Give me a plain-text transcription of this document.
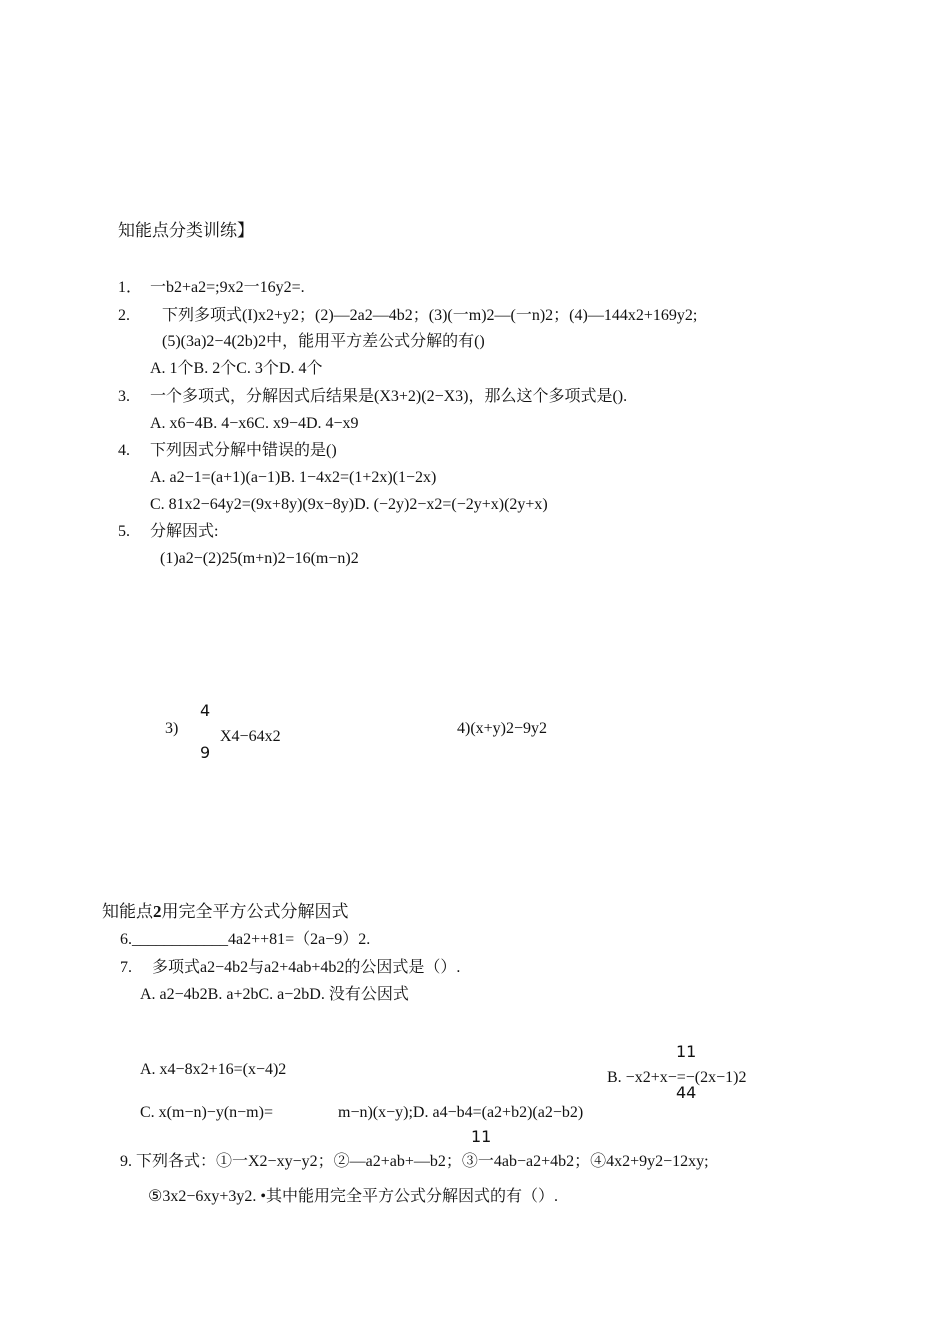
知能点分类训练】
1． 一b2+a2=;9x2一16y2=.
2. 下列多项式(I)x2+y2；(2)—2a2—4b2；(3)(一m)2—(一n)2；(4)—144x2+169y2;
(5)(3a)2−4(2b)2中，能用平方差公式分解的有()
A. 1个B. 2个C. 3个D. 4个
3. 一个多项式，分解因式后结果是(X3+2)(2−X3)，那么这个多项式是().
A. x6−4B. 4−x6C. x9−4D. 4−x9
4. 下列因式分解中错误的是()
A. a2−1=(a+1)(a−1)B. 1−4x2=(1+2x)(1−2x)
C. 81x2−64y2=(9x+8y)(9x−8y)D. (−2y)2−x2=(−2y+x)(2y+x)
5. 分解因式:
(1)a2−(2)25(m+n)2−16(m−n)2
3)
4
9
X4−64x2	4)(x+y)2−9y2
知能点2用完全平方公式分解因式
6.____________4a2++81=（2a−9）2.
7. 多项式a2−4b2与a2+4ab+4b2的公因式是（）.
A. a2−4b2B. a+2bC. a−2bD. 没有公因式
A. x4−8x2+16=(x−4)2
11
B. −x2+x−=−(2x−1)2
44
C. x(m−n)−y(n−m)=	m−n)(x−y);D. a4−b4=(a2+b2)(a2−b2)
11
9. 下列各式：①一X2−xy−y2；②—a2+ab+—b2；③一4ab−a2+4b2；④4x2+9y2−12xy;
⑤3x2−6xy+3y2. •其中能用完全平方公式分解因式的有（）.
